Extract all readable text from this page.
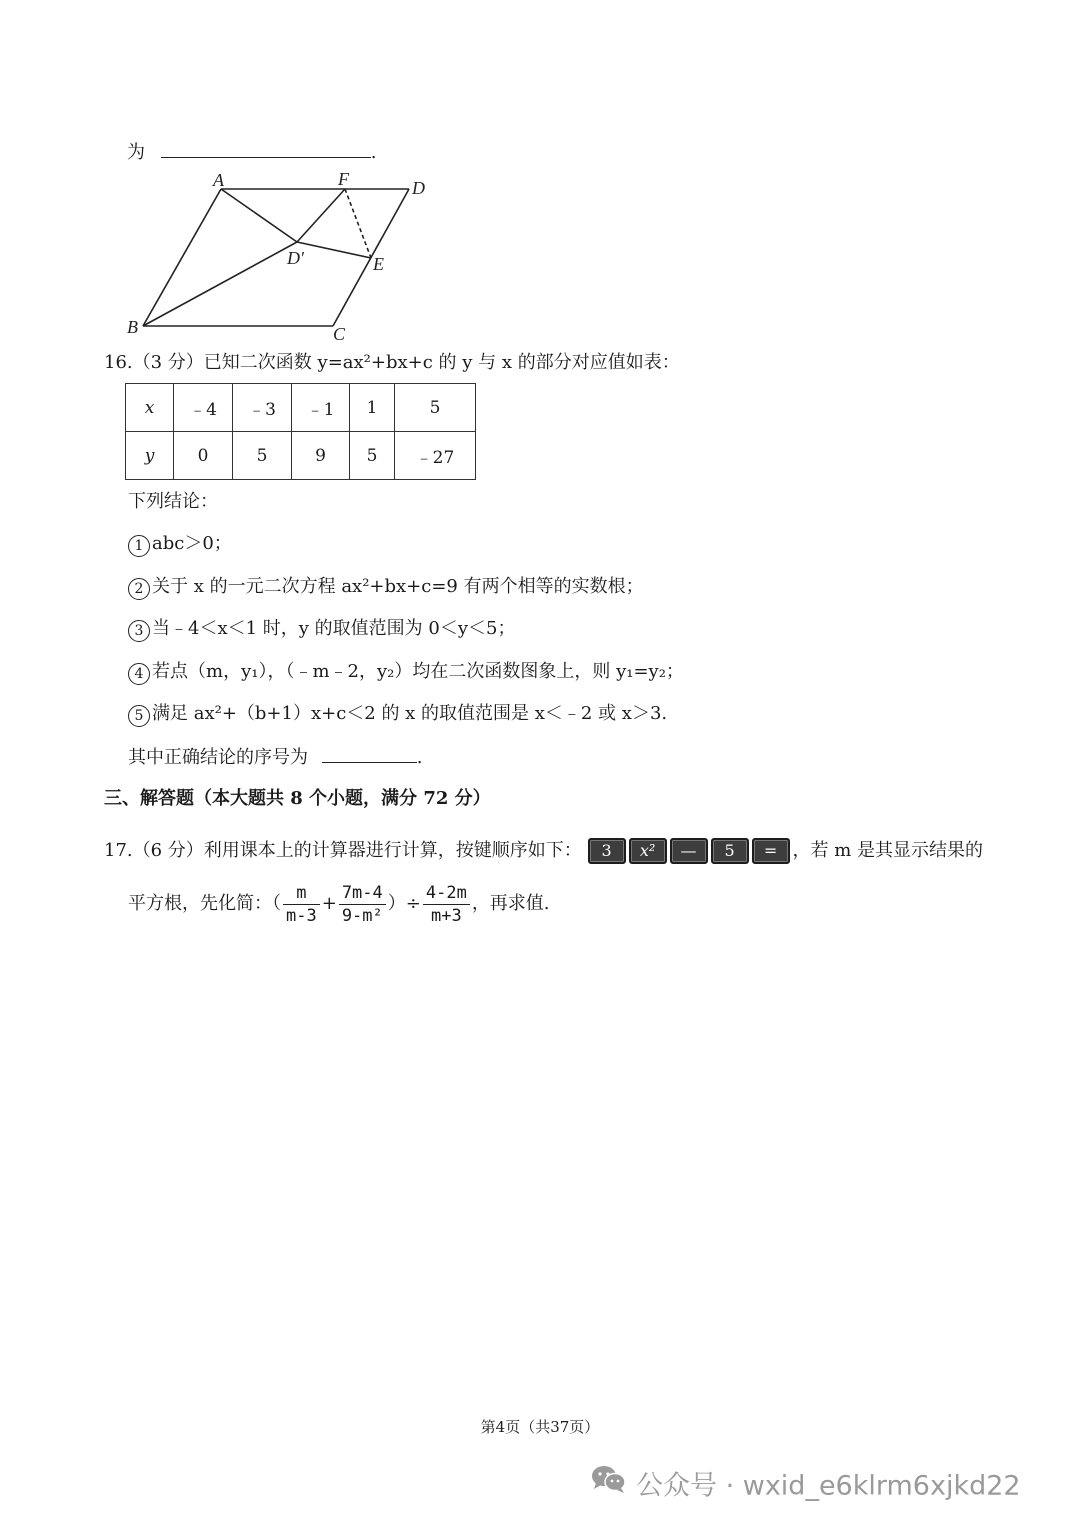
为	.
A	F	D
D′	E
B	C
16.（3 分）已知二次函数 y=ax²+bx+c 的 y 与 x 的部分对应值如表：
x	﹣4	﹣3	﹣1	1	5
y	0	5	9	5	﹣27
下列结论：
1 abc＞0；
2 关于 x 的一元二次方程 ax²+bx+c=9 有两个相等的实数根；
3 当﹣4＜x＜1 时，y 的取值范围为 0＜y＜5；
4 若点（m，y₁），（﹣m﹣2，y₂）均在二次函数图象上，则 y₁=y₂；
5 满足 ax²+（b+1）x+c＜2 的 x 的取值范围是 x＜﹣2 或 x＞3.
其中正确结论的序号为	.
三、解答题（本大题共 8 个小题，满分 72 分）
17.（6 分）利用课本上的计算器进行计算，按键顺序如下： 3 x² — 5 = ，若 m 是其显示结果的
平方根，先化简：（ $\frac{m}{m-3} + \frac{7m-4}{\text{9-m²}}$ ）÷ $\frac{4-2m}{m+3}$ ，再求值.
第4页（共37页）
公众号 · wxid_e6klrm6xjkd22
